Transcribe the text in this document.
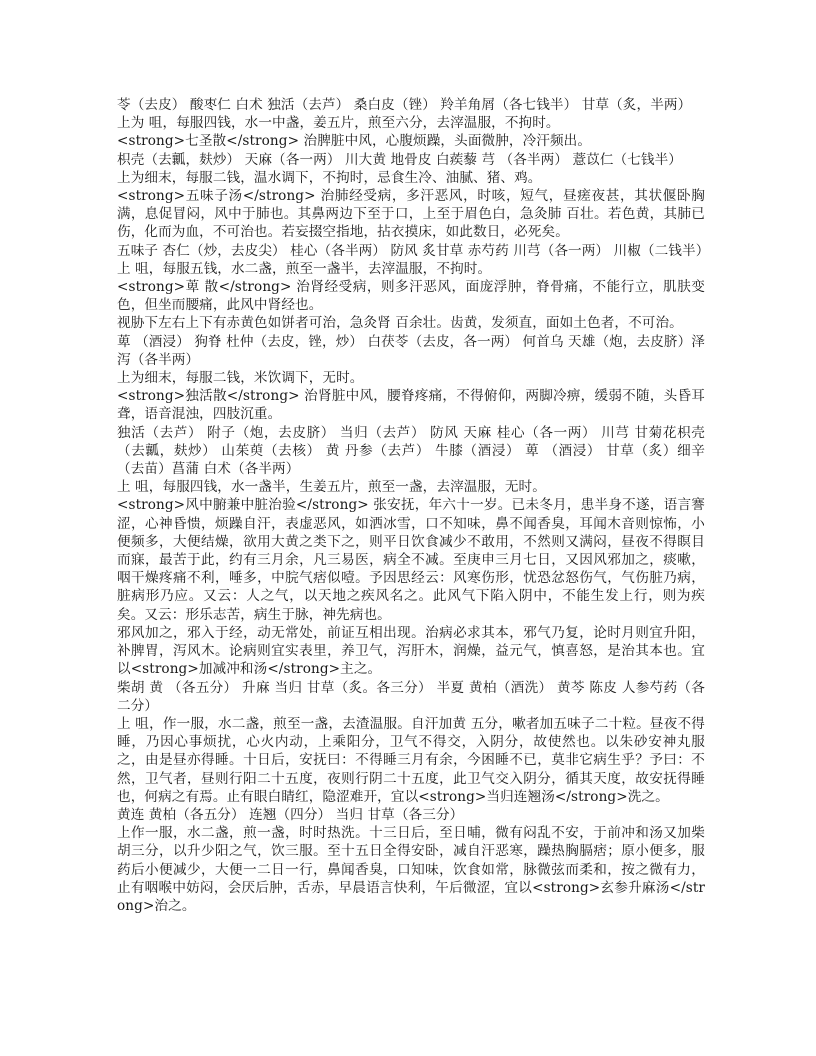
苓（去皮） 酸枣仁 白术 独活（去芦） 桑白皮（锉） 羚羊角屑（各七钱半） 甘草（炙，半两）

上为 咀，每服四钱，水一中盏，姜五片，煎至六分，去滓温服，不拘时。

<strong>七圣散</strong> 治脾脏中风，心腹烦躁，头面微肿，冷汗频出。

枳壳（去瓤，麸炒） 天麻（各一两） 川大黄 地骨皮 白蒺藜 芎 （各半两） 薏苡仁（七钱半）

上为细末，每服二钱，温水调下，不拘时，忌食生冷、油腻、猪、鸡。

<strong>五味子汤</strong> 治肺经受病，多汗恶风，时咳，短气，昼瘥夜甚，其状偃卧胸满，息促冒闷，风中于肺也。其鼻两边下至于口，上至于眉色白，急灸肺 百壮。若色黄，其肺已伤，化而为血，不可治也。若妄掇空指地，拈衣摸床，如此数日，必死矣。

五味子 杏仁（炒，去皮尖） 桂心（各半两） 防风 炙甘草 赤芍药 川芎（各一两） 川椒（二钱半）

上 咀，每服五钱，水二盏，煎至一盏半，去滓温服，不拘时。

<strong>萆 散</strong> 治肾经受病，则多汗恶风，面庞浮肿，脊骨痛，不能行立，肌肤变色，但坐而腰痛，此风中肾经也。

视胁下左右上下有赤黄色如饼者可治，急灸肾 百余壮。齿黄，发须直，面如土色者，不可治。

萆 （酒浸） 狗脊 杜仲（去皮，锉，炒） 白茯苓（去皮，各一两） 何首乌 天雄（炮，去皮脐）泽泻（各半两）

上为细末，每服二钱，米饮调下，无时。

<strong>独活散</strong> 治肾脏中风，腰脊疼痛，不得俯仰，两脚冷痹，缓弱不随，头昏耳聋，语音混浊，四肢沉重。

独活（去芦） 附子（炮，去皮脐） 当归（去芦） 防风 天麻 桂心（各一两） 川芎 甘菊花枳壳（去瓤，麸炒） 山茱萸（去核） 黄 丹参（去芦） 牛膝（酒浸） 萆 （酒浸） 甘草（炙）细辛（去苗）菖蒲 白术（各半两）

上 咀，每服四钱，水一盏半，生姜五片，煎至一盏，去滓温服，无时。

<strong>风中腑兼中脏治验</strong> 张安抚，年六十一岁。已未冬月，患半身不遂，语言謇涩，心神昏愦，烦躁自汗，表虚恶风，如洒冰雪，口不知味，鼻不闻香臭，耳闻木音则惊怖，小便频多，大便结燥，欲用大黄之类下之，则平日饮食减少不敢用，不然则又满闷，昼夜不得瞑目而寐，最苦于此，约有三月余，凡三易医，病全不减。至庚申三月七日，又因风邪加之，痰嗽，咽干燥疼痛不利，唾多，中脘气痞似噎。予因思经云：风寒伤形，忧恐忿怒伤气，气伤脏乃病，脏病形乃应。又云：人之气，以天地之疾风名之。此风气下陷入阴中，不能生发上行，则为疾矣。又云：形乐志苦，病生于脉，神先病也。

邪风加之，邪入于经，动无常处，前证互相出现。治病必求其本，邪气乃复，论时月则宜升阳，补脾胃，泻风木。论病则宜实表里，养卫气，泻肝木，润燥，益元气，慎喜怒，是治其本也。宜以<strong>加减冲和汤</strong>主之。

柴胡 黄 （各五分） 升麻 当归 甘草（炙。各三分） 半夏 黄柏（酒洗） 黄芩 陈皮 人参芍药（各二分）

上 咀，作一服，水二盏，煎至一盏，去渣温服。自汗加黄 五分，嗽者加五味子二十粒。昼夜不得睡，乃因心事烦扰，心火内动，上乘阳分，卫气不得交，入阴分，故使然也。以朱砂安神丸服之，由是昼亦得睡。十日后，安抚曰：不得睡三月有余，今困睡不已，莫非它病生乎？予曰：不然，卫气者，昼则行阳二十五度，夜则行阴二十五度，此卫气交入阴分，循其天度，故安抚得睡也，何病之有焉。止有眼白睛红，隐涩难开，宜以<strong>当归连翘汤</strong>洗之。

黄连 黄柏（各五分） 连翘（四分） 当归 甘草（各三分）

上作一服，水二盏，煎一盏，时时热洗。十三日后，至日晡，微有闷乱不安，于前冲和汤又加柴胡三分，以升少阳之气，饮三服。至十五日全得安卧，减自汗恶寒，躁热胸膈痞；原小便多，服药后小便减少，大便一二日一行，鼻闻香臭，口知味，饮食如常，脉微弦而柔和，按之微有力，止有咽喉中妨闷，会厌后肿，舌赤，早晨语言快利，午后微涩，宜以<strong>玄参升麻汤</strong>治之。
